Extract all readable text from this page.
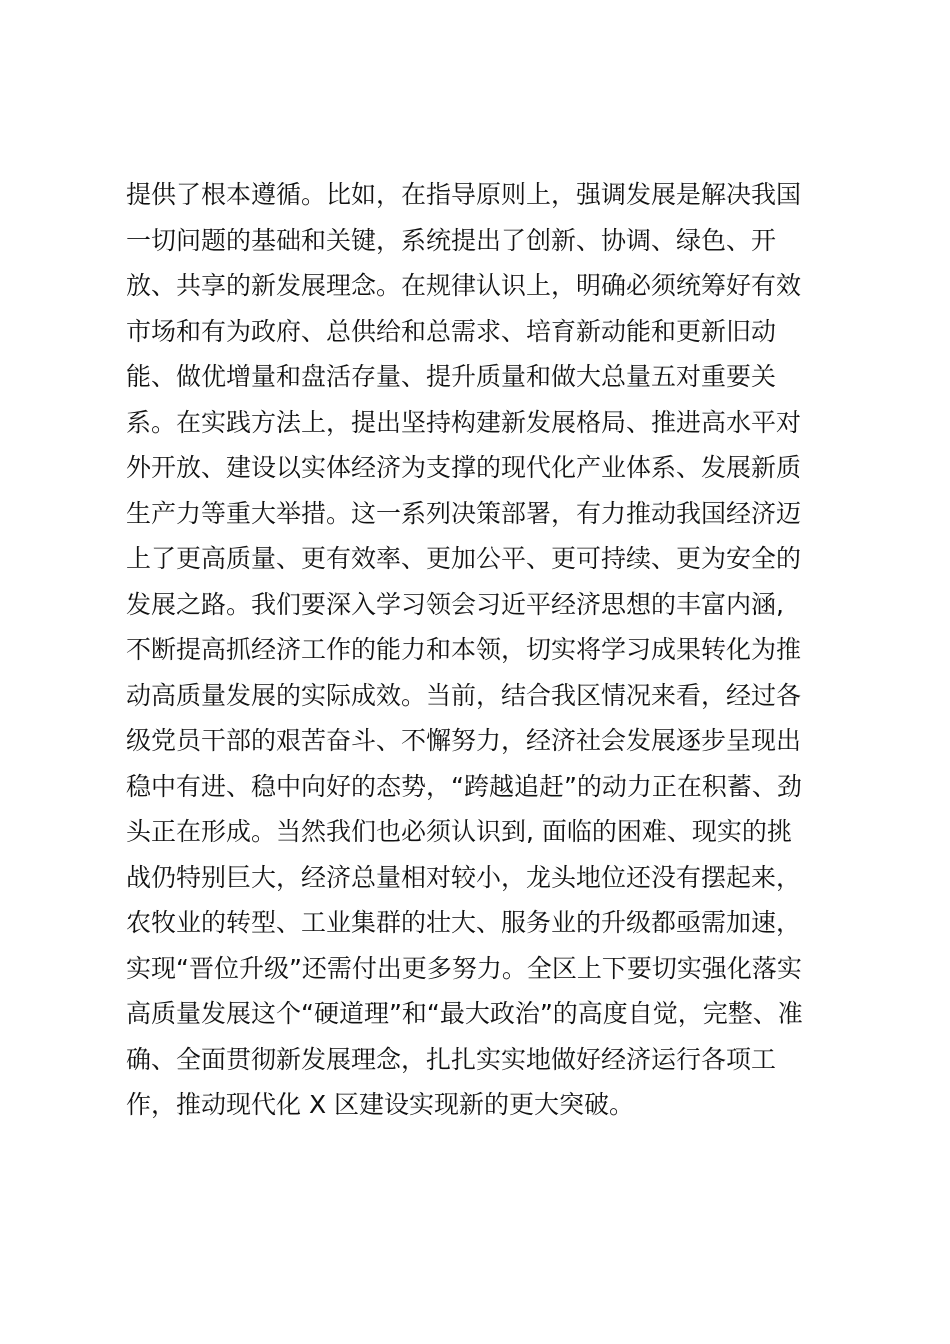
提供了根本遵循。比如，在指导原则上，强调发展是解决我国
一切问题的基础和关键，系统提出了创新、协调、绿色、开
放、共享的新发展理念。在规律认识上，明确必须统筹好有效
市场和有为政府、总供给和总需求、培育新动能和更新旧动
能、做优增量和盘活存量、提升质量和做大总量五对重要关
系。在实践方法上，提出坚持构建新发展格局、推进高水平对
外开放、建设以实体经济为支撑的现代化产业体系、发展新质
生产力等重大举措。这一系列决策部署，有力推动我国经济迈
上了更高质量、更有效率、更加公平、更可持续、更为安全的
发展之路。我们要深入学习领会习近平经济思想的丰富内涵,
不断提高抓经济工作的能力和本领，切实将学习成果转化为推
动高质量发展的实际成效。当前，结合我区情况来看，经过各
级党员干部的艰苦奋斗、不懈努力，经济社会发展逐步呈现出
稳中有进、稳中向好的态势，“跨越追赶”的动力正在积蓄、劲
头正在形成。当然我们也必须认识到, 面临的困难、现实的挑
战仍特别巨大，经济总量相对较小，龙头地位还没有摆起来，
农牧业的转型、工业集群的壮大、服务业的升级都亟需加速，
实现“晋位升级”还需付出更多努力。全区上下要切实强化落实
高质量发展这个“硬道理”和“最大政治”的高度自觉，完整、准
确、全面贯彻新发展理念，扎扎实实地做好经济运行各项工
作，推动现代化 X 区建设实现新的更大突破。
